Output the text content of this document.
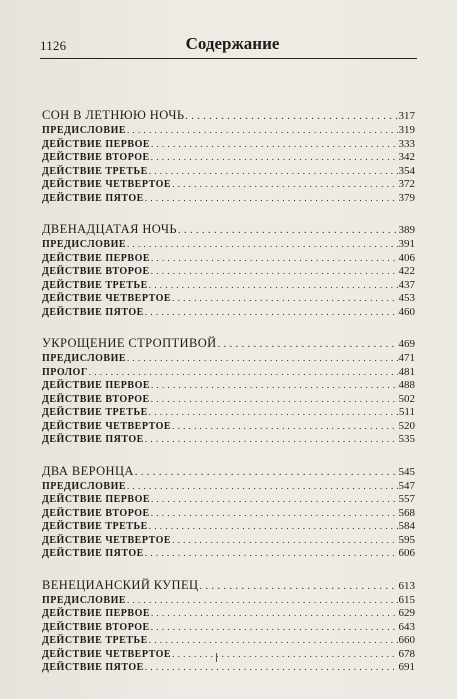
1126	Содержание
СОН В ЛЕТНЮЮ НОЧЬ . . .	317
ПРЕДИСЛОВИЕ . . .	319
ДЕЙСТВИЕ ПЕРВОЕ . . .	333
ДЕЙСТВИЕ ВТОРОЕ . . .	342
ДЕЙСТВИЕ ТРЕТЬЕ . . .	354
ДЕЙСТВИЕ ЧЕТВЕРТОЕ . . .	372
ДЕЙСТВИЕ ПЯТОЕ . . .	379
ДВЕНАДЦАТАЯ НОЧЬ . . .	389
ПРЕДИСЛОВИЕ . . .	391
ДЕЙСТВИЕ ПЕРВОЕ . . .	406
ДЕЙСТВИЕ ВТОРОЕ . . .	422
ДЕЙСТВИЕ ТРЕТЬЕ . . .	437
ДЕЙСТВИЕ ЧЕТВЕРТОЕ . . .	453
ДЕЙСТВИЕ ПЯТОЕ . . .	460
УКРОЩЕНИЕ СТРОПТИВОЙ . . .	469
ПРЕДИСЛОВИЕ . . .	471
ПРОЛОГ . . .	481
ДЕЙСТВИЕ ПЕРВОЕ . . .	488
ДЕЙСТВИЕ ВТОРОЕ . . .	502
ДЕЙСТВИЕ ТРЕТЬЕ . . .	511
ДЕЙСТВИЕ ЧЕТВЕРТОЕ . . .	520
ДЕЙСТВИЕ ПЯТОЕ . . .	535
ДВА ВЕРОНЦА . . .	545
ПРЕДИСЛОВИЕ . . .	547
ДЕЙСТВИЕ ПЕРВОЕ . . .	557
ДЕЙСТВИЕ ВТОРОЕ . . .	568
ДЕЙСТВИЕ ТРЕТЬЕ . . .	584
ДЕЙСТВИЕ ЧЕТВЕРТОЕ . . .	595
ДЕЙСТВИЕ ПЯТОЕ . . .	606
ВЕНЕЦИАНСКИЙ КУПЕЦ . . .	613
ПРЕДИСЛОВИЕ . . .	615
ДЕЙСТВИЕ ПЕРВОЕ . . .	629
ДЕЙСТВИЕ ВТОРОЕ . . .	643
ДЕЙСТВИЕ ТРЕТЬЕ . . .	660
ДЕЙСТВИЕ ЧЕТВЕРТОЕ . . .	678
ДЕЙСТВИЕ ПЯТОЕ . . .	691
